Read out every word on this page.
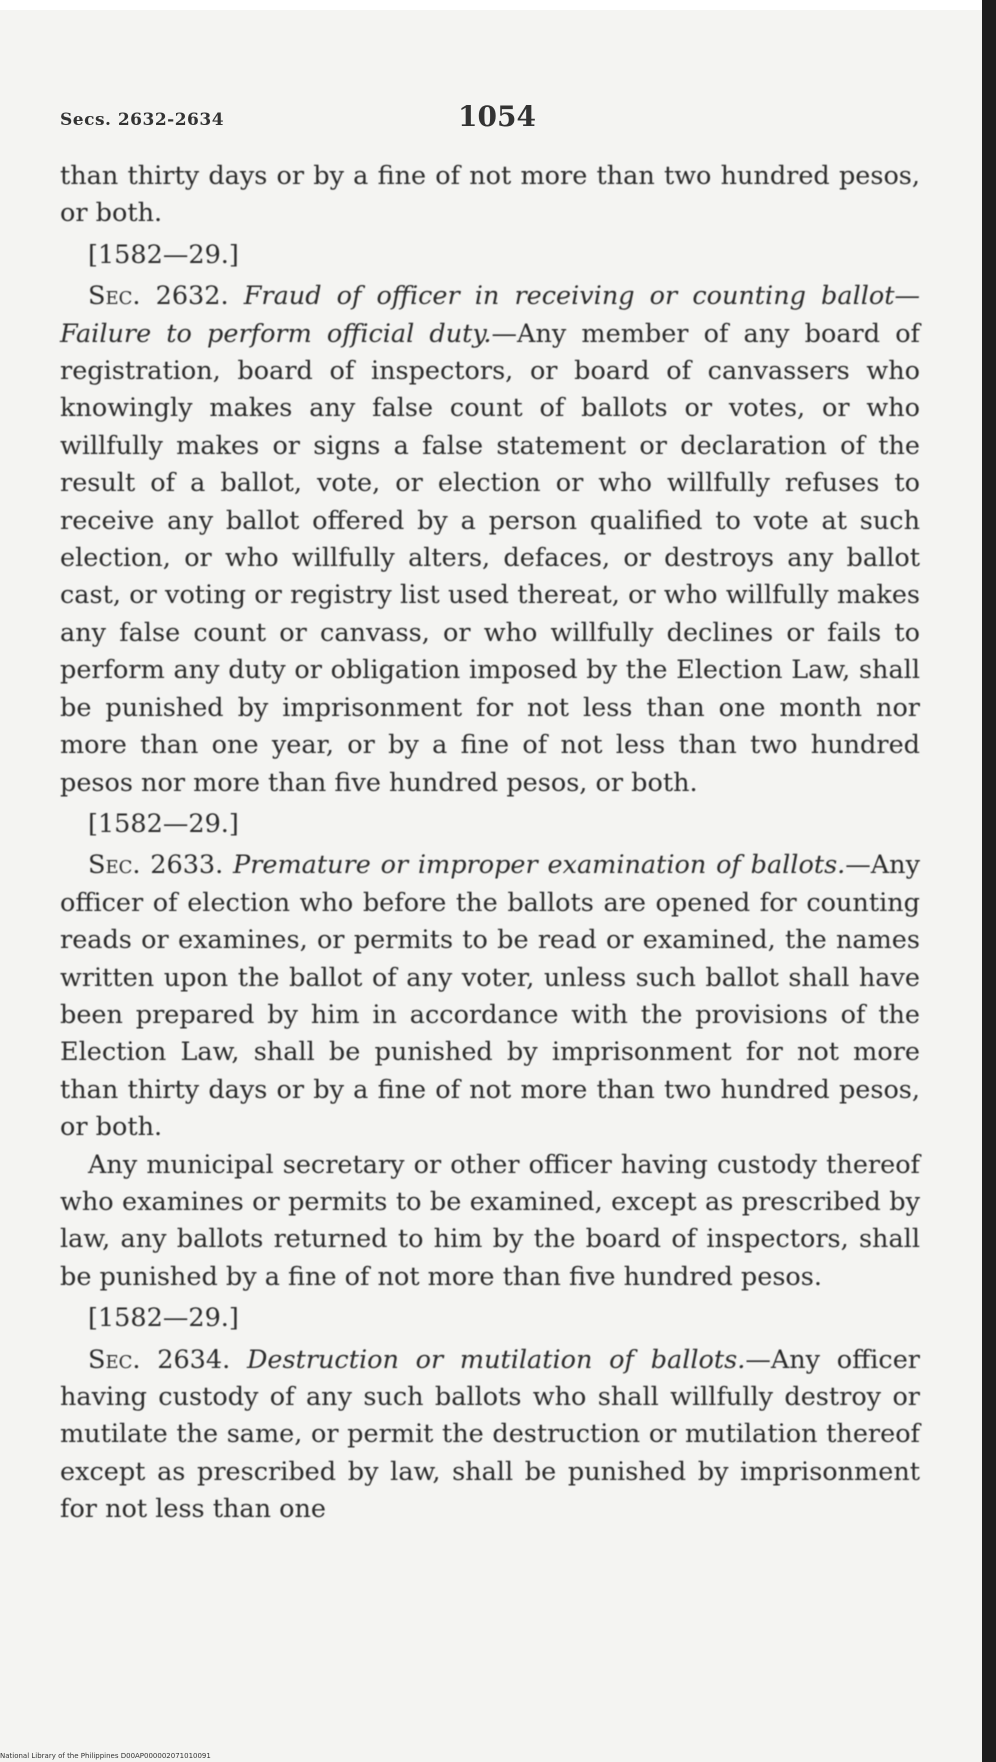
Secs. 2632-2634	1054

than thirty days or by a fine of not more than two hundred pesos, or both.

[1582—29.]

Sec. 2632. Fraud of officer in receiving or counting ballot—Failure to perform official duty.—Any member of any board of registration, board of inspectors, or board of canvassers who knowingly makes any false count of ballots or votes, or who willfully makes or signs a false statement or declaration of the result of a ballot, vote, or election or who willfully refuses to receive any ballot offered by a person qualified to vote at such election, or who willfully alters, defaces, or destroys any ballot cast, or voting or registry list used thereat, or who willfully makes any false count or canvass, or who willfully declines or fails to perform any duty or obligation imposed by the Election Law, shall be punished by imprisonment for not less than one month nor more than one year, or by a fine of not less than two hundred pesos nor more than five hundred pesos, or both.

[1582—29.]

Sec. 2633. Premature or improper examination of ballots.—Any officer of election who before the ballots are opened for counting reads or examines, or permits to be read or examined, the names written upon the ballot of any voter, unless such ballot shall have been prepared by him in accordance with the provisions of the Election Law, shall be punished by imprisonment for not more than thirty days or by a fine of not more than two hundred pesos, or both.

Any municipal secretary or other officer having custody thereof who examines or permits to be examined, except as prescribed by law, any ballots returned to him by the board of inspectors, shall be punished by a fine of not more than five hundred pesos.

[1582—29.]

Sec. 2634. Destruction or mutilation of ballots.—Any officer having custody of any such ballots who shall willfully destroy or mutilate the same, or permit the destruction or mutilation thereof except as prescribed by law, shall be punished by imprisonment for not less than one

National Library of the Philippines D00AP000002071010091
